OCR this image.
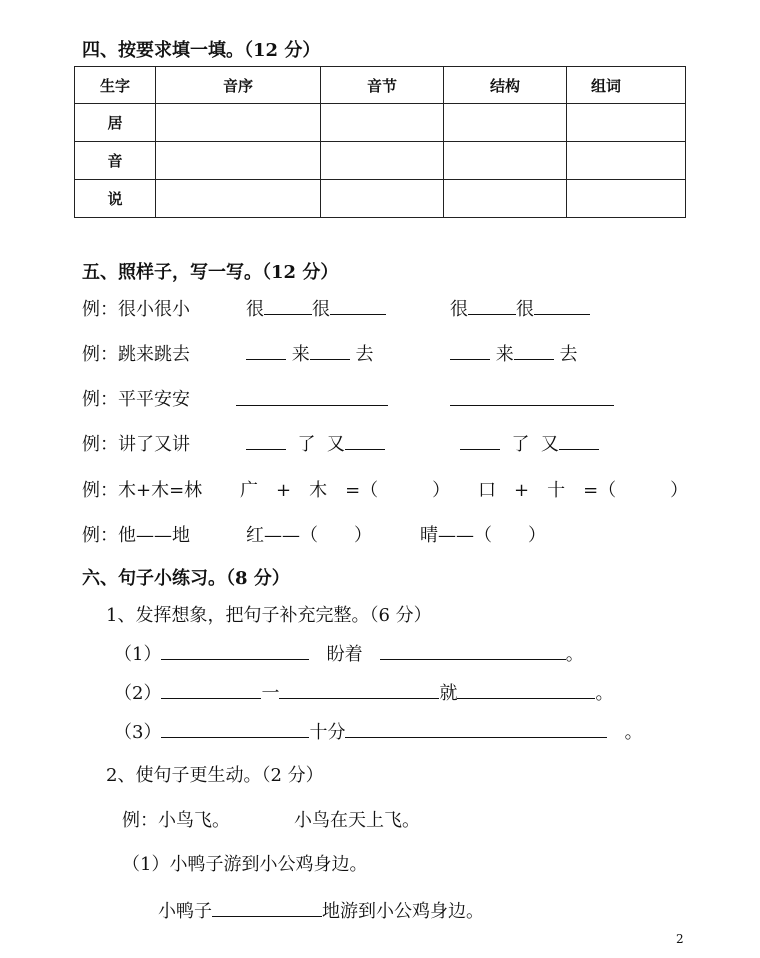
四、按要求填一填。（12 分）
生字	音序	音节	结构	组词
居				
音				
说				
五、照样子，写一写。（12 分）
例：很小很小	很	很	很	很
例：跳来跳去	来	去	来	去
例：平平安安
例：讲了又讲	了 又	了 又
例：木+木=林 广　+　木　=（　　　） 口　+　十　=（　　　）
例：他——地	红——（　　）	晴——（　　）
六、句子小练习。（8 分）
1、发挥想象，把句子补充完整。（6 分）
（1）	盼着	。
（2）	一	就	。
（3）	十分	。
2、使句子更生动。（2 分）
例：小鸟飞。	小鸟在天上飞。
（1）小鸭子游到小公鸡身边。
小鸭子	地游到小公鸡身边。
2
